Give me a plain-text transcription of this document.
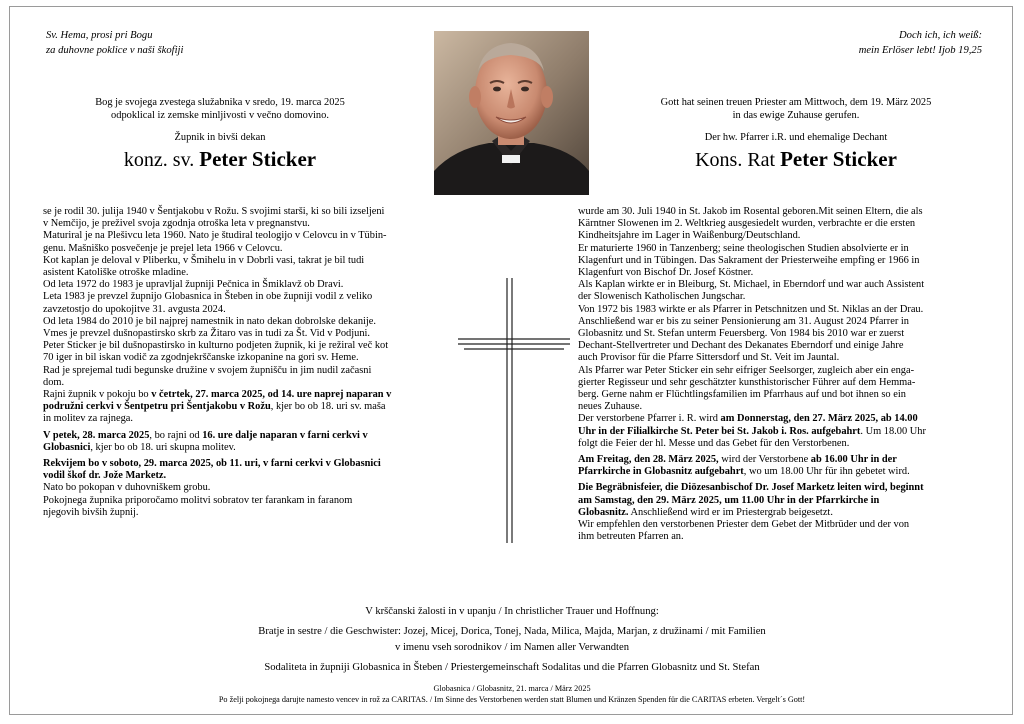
Sv. Hema, prosi pri Bogu
za duhovne poklice v naši škofiji
Doch ich, ich weiß:
mein Erlöser lebt! Ijob 19,25
Bog je svojega zvestega služabnika v sredo, 19. marca 2025
odpoklical iz zemske minljivosti v večno domovino.
Župnik in bivši dekan
konz. sv. Peter Sticker
Gott hat seinen treuen Priester am Mittwoch, dem 19. März 2025
in das ewige Zuhause gerufen.
Der hw. Pfarrer i.R. und ehemalige Dechant
Kons. Rat Peter Sticker
se je rodil 30. julija 1940 v Šentjakobu v Rožu. S svojimi starši, ki so bili izseljeni
v Nemčijo, je preživel svoja zgodnja otroška leta v pregnanstvu.
Maturiral je na Plešivcu leta 1960. Nato je študiral teologijo v Celovcu in v Tübin-
genu. Mašniško posvečenje je prejel leta 1966 v Celovcu.
Kot kaplan je deloval v Pliberku, v Šmihelu in v Dobrli vasi, takrat je bil tudi
asistent Katoliške otroške mladine.
Od leta 1972 do 1983 je upravljal župniji Pečnica in Šmiklavž ob Dravi.
Leta 1983 je prevzel župnijo Globasnica in Šteben in obe župniji vodil z veliko
zavzetostjo do upokojitve 31. avgusta 2024.
Od leta 1984 do 2010 je bil najprej namestnik in nato dekan dobrolske dekanije.
Vmes je prevzel dušnopastirsko skrb za Žitaro vas in tudi za Št. Vid v Podjuni.
Peter Sticker je bil dušnopastirsko in kulturno podjeten župnik, ki je režiral več kot
70 iger in bil iskan vodič za zgodnjekrščanske izkopanine na gori sv. Heme.
Rad je sprejemal tudi begunske družine v svojem župnišču in jim nudil začasni
dom.
Rajni župnik v pokoju bo v četrtek, 27. marca 2025, od 14. ure naprej naparan v
podružni cerkvi v Šentpetru pri Šentjakobu v Rožu, kjer bo ob 18. uri sv. maša
in molitev za rajnega.
V petek, 28. marca 2025, bo rajni od 16. ure dalje naparan v farni cerkvi v
Globasnici, kjer bo ob 18. uri skupna molitev.
Rekvijem bo v soboto, 29. marca 2025, ob 11. uri, v farni cerkvi v Globasnici
vodil škof dr. Jože Marketz.
Nato bo pokopan v duhovniškem grobu.
Pokojnega župnika priporočamo molitvi sobratov ter farankam in faranom
njegovih bivših župnij.
wurde am 30. Juli 1940 in St. Jakob im Rosental geboren.Mit seinen Eltern, die als
Kärntner Slowenen im 2. Weltkrieg ausgesiedelt wurden, verbrachte er die ersten
Kindheitsjahre im Lager in Waißenburg/Deutschland.
Er maturierte 1960 in Tanzenberg; seine theologischen Studien absolvierte er in
Klagenfurt und in Tübingen. Das Sakrament der Priesterweihe empfing er 1966 in
Klagenfurt von Bischof Dr. Josef Köstner.
Als Kaplan wirkte er in Bleiburg, St. Michael, in Eberndorf und war auch Assistent
der Slowenisch Katholischen Jungschar.
Von 1972 bis 1983 wirkte er als Pfarrer in Petschnitzen und St. Niklas an der Drau.
Anschließend war er bis zu seiner Pensionierung am 31. August 2024 Pfarrer in
Globasnitz und St. Stefan unterm Feuersberg. Von 1984 bis 2010 war er zuerst
Dechant-Stellvertreter und Dechant des Dekanates Eberndorf und einige Jahre
auch Provisor für die Pfarre Sittersdorf und St. Veit im Jauntal.
Als Pfarrer war Peter Sticker ein sehr eifriger Seelsorger, zugleich aber ein enga-
gierter Regisseur und sehr geschätzter kunsthistorischer Führer auf dem Hemma-
berg. Gerne nahm er Flüchtlingsfamilien im Pfarrhaus auf und bot ihnen so ein
neues Zuhause.
Der verstorbene Pfarrer i. R. wird am Donnerstag, den 27. März 2025, ab 14.00
Uhr in der Filialkirche St. Peter bei St. Jakob i. Ros. aufgebahrt. Um 18.00 Uhr
folgt die Feier der hl. Messe und das Gebet für den Verstorbenen.
Am Freitag, den 28. März 2025, wird der Verstorbene ab 16.00 Uhr in der
Pfarrkirche in Globasnitz aufgebahrt, wo um 18.00 Uhr für ihn gebetet wird.
Die Begräbnisfeier, die Diözesanbischof Dr. Josef Marketz leiten wird, beginnt
am Samstag, den 29. März 2025, um 11.00 Uhr in der Pfarrkirche in
Globasnitz. Anschließend wird er im Priestergrab beigesetzt.
Wir empfehlen den verstorbenen Priester dem Gebet der Mitbrüder und der von
ihm betreuten Pfarren an.
V krščanski žalosti in v upanju / In christlicher Trauer und Hoffnung:
Bratje in sestre / die Geschwister: Jozej, Micej, Dorica, Tonej, Nada, Milica, Majda, Marjan, z družinami / mit Familien
v imenu vseh sorodnikov / im Namen aller Verwandten
Sodaliteta in župniji Globasnica in Šteben / Priestergemeinschaft Sodalitas und die Pfarren Globasnitz und St. Stefan
Globasnica / Globasnitz, 21. marca / März 2025
Po želji pokojnega darujte namesto vencev in rož za CARITAS. / Im Sinne des Verstorbenen werden statt Blumen und Kränzen Spenden für die CARITAS erbeten. Vergelt´s Gott!
